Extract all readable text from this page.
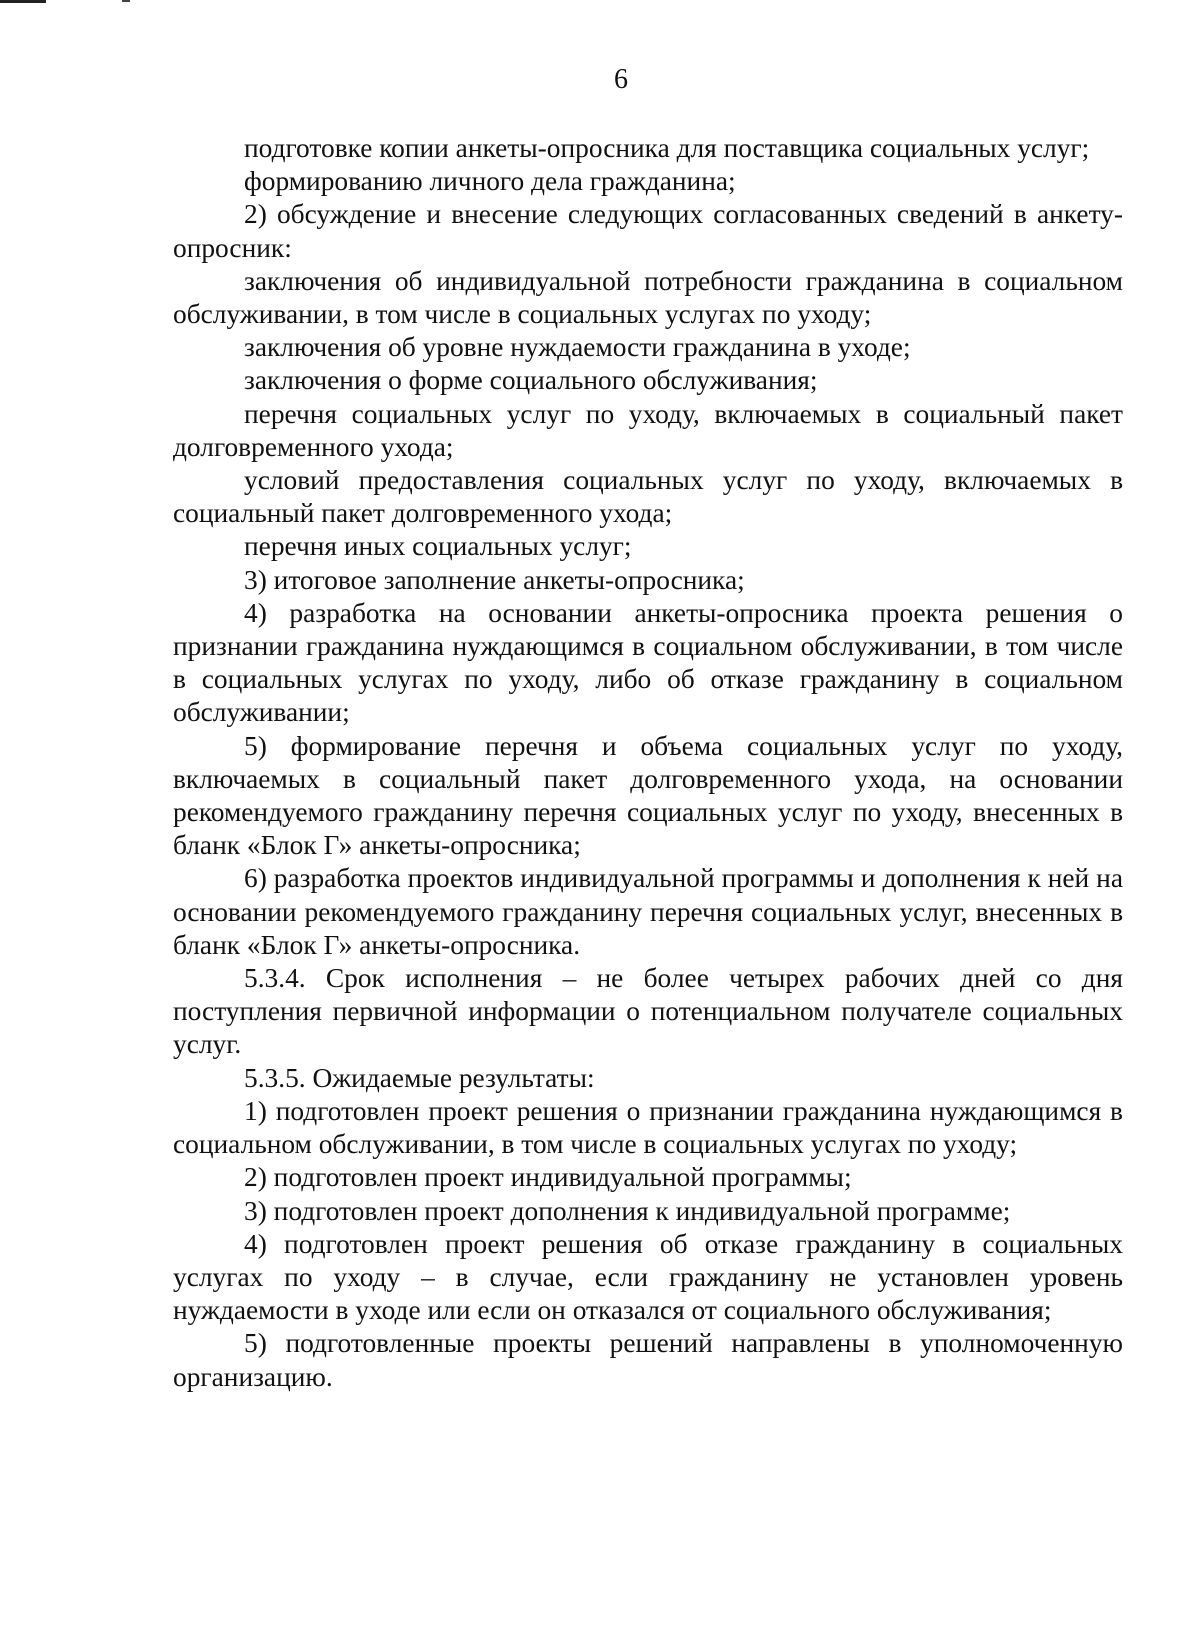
6

подготовке копии анкеты-опросника для поставщика социальных услуг;

формированию личного дела гражданина;

2) обсуждение и внесение следующих согласованных сведений в анкету-опросник:

заключения об индивидуальной потребности гражданина в социальном обслуживании, в том числе в социальных услугах по уходу;

заключения об уровне нуждаемости гражданина в уходе;

заключения о форме социального обслуживания;

перечня социальных услуг по уходу, включаемых в социальный пакет долговременного ухода;

условий предоставления социальных услуг по уходу, включаемых в социальный пакет долговременного ухода;

перечня иных социальных услуг;

3) итоговое заполнение анкеты-опросника;

4) разработка на основании анкеты-опросника проекта решения о признании гражданина нуждающимся в социальном обслуживании, в том числе в социальных услугах по уходу, либо об отказе гражданину в социальном обслуживании;

5) формирование перечня и объема социальных услуг по уходу, включаемых в социальный пакет долговременного ухода, на основании рекомендуемого гражданину перечня социальных услуг по уходу, внесенных в бланк «Блок Г» анкеты-опросника;

6) разработка проектов индивидуальной программы и дополнения к ней на основании рекомендуемого гражданину перечня социальных услуг, внесенных в бланк «Блок Г» анкеты-опросника.

5.3.4. Срок исполнения – не более четырех рабочих дней со дня поступления первичной информации о потенциальном получателе социальных услуг.

5.3.5. Ожидаемые результаты:

1) подготовлен проект решения о признании гражданина нуждающимся в социальном обслуживании, в том числе в социальных услугах по уходу;

2) подготовлен проект индивидуальной программы;

3) подготовлен проект дополнения к индивидуальной программе;

4) подготовлен проект решения об отказе гражданину в социальных услугах по уходу – в случае, если гражданину не установлен уровень нуждаемости в уходе или если он отказался от социального обслуживания;

5) подготовленные проекты решений направлены в уполномоченную организацию.
